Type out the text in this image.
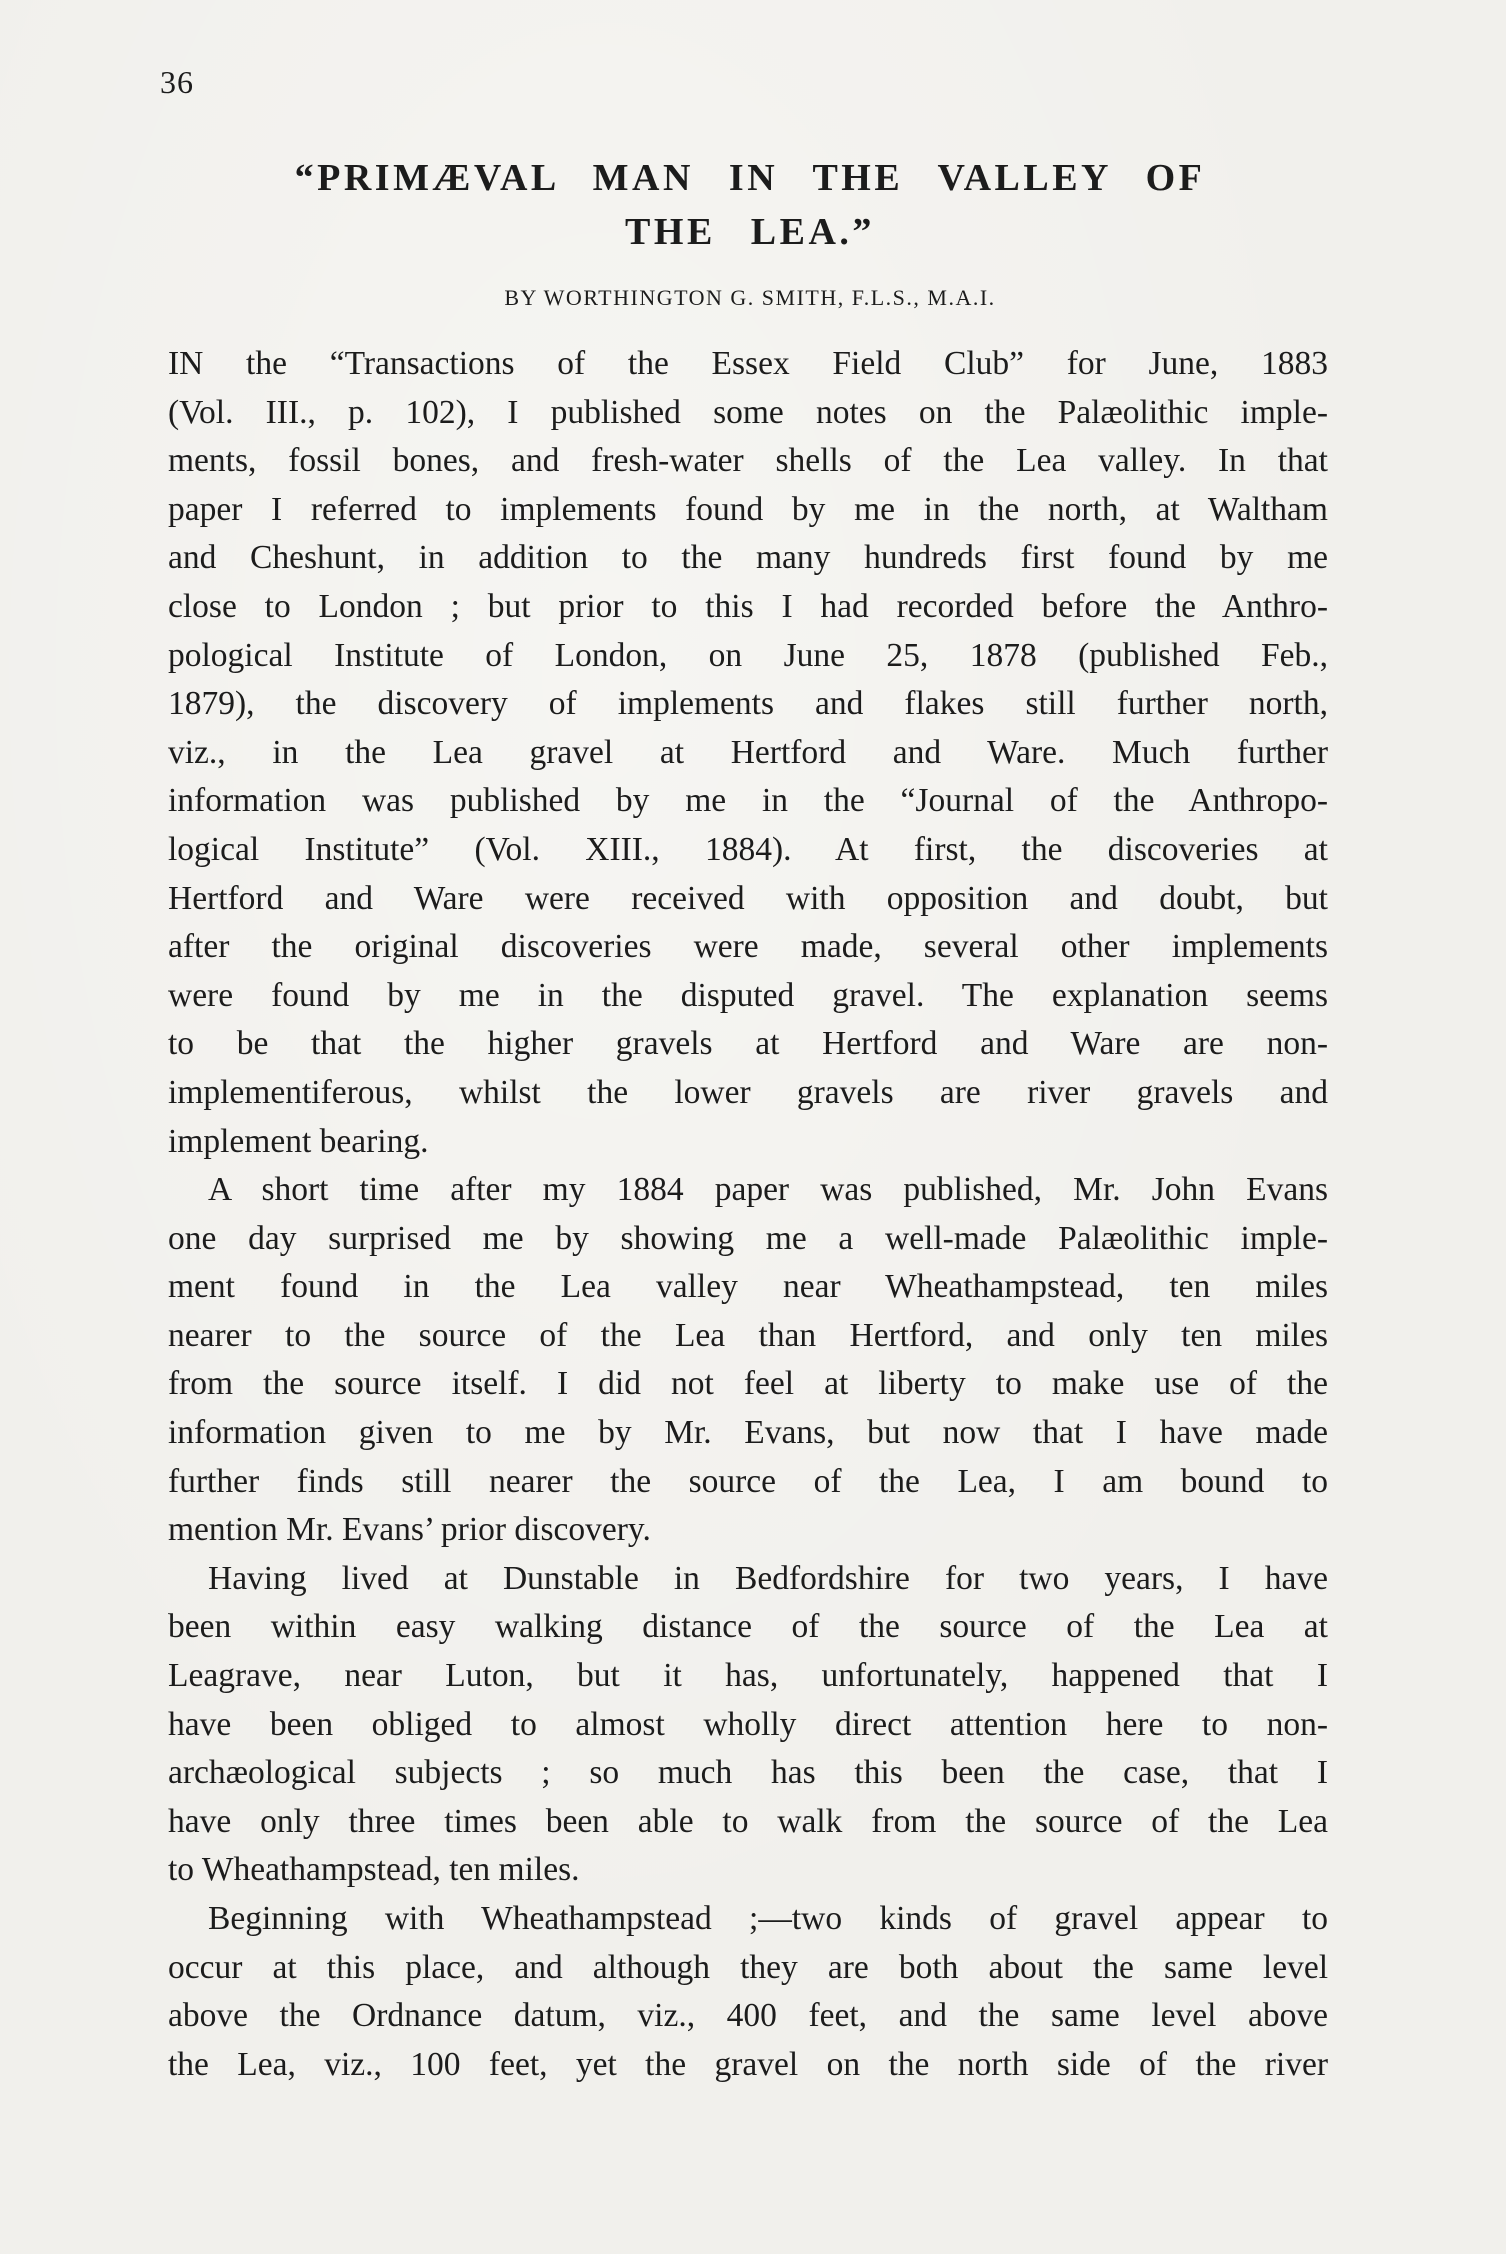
36
“PRIMÆVAL MAN IN THE VALLEY OF
THE LEA.”
BY WORTHINGTON G. SMITH, F.L.S., M.A.I.
IN the “Transactions of the Essex Field Club” for June, 1883
(Vol. III., p. 102), I published some notes on the Palæolithic imple-
ments, fossil bones, and fresh-water shells of the Lea valley. In that
paper I referred to implements found by me in the north, at Waltham
and Cheshunt, in addition to the many hundreds first found by me
close to London ; but prior to this I had recorded before the Anthro-
pological Institute of London, on June 25, 1878 (published Feb.,
1879), the discovery of implements and flakes still further north,
viz., in the Lea gravel at Hertford and Ware. Much further
information was published by me in the “Journal of the Anthropo-
logical Institute” (Vol. XIII., 1884). At first, the discoveries at
Hertford and Ware were received with opposition and doubt, but
after the original discoveries were made, several other implements
were found by me in the disputed gravel. The explanation seems
to be that the higher gravels at Hertford and Ware are non-
implementiferous, whilst the lower gravels are river gravels and
implement bearing.
A short time after my 1884 paper was published, Mr. John Evans
one day surprised me by showing me a well-made Palæolithic imple-
ment found in the Lea valley near Wheathampstead, ten miles
nearer to the source of the Lea than Hertford, and only ten miles
from the source itself. I did not feel at liberty to make use of the
information given to me by Mr. Evans, but now that I have made
further finds still nearer the source of the Lea, I am bound to
mention Mr. Evans’ prior discovery.
Having lived at Dunstable in Bedfordshire for two years, I have
been within easy walking distance of the source of the Lea at
Leagrave, near Luton, but it has, unfortunately, happened that I
have been obliged to almost wholly direct attention here to non-
archæological subjects ; so much has this been the case, that I
have only three times been able to walk from the source of the Lea
to Wheathampstead, ten miles.
Beginning with Wheathampstead ;—two kinds of gravel appear to
occur at this place, and although they are both about the same level
above the Ordnance datum, viz., 400 feet, and the same level above
the Lea, viz., 100 feet, yet the gravel on the north side of the river
